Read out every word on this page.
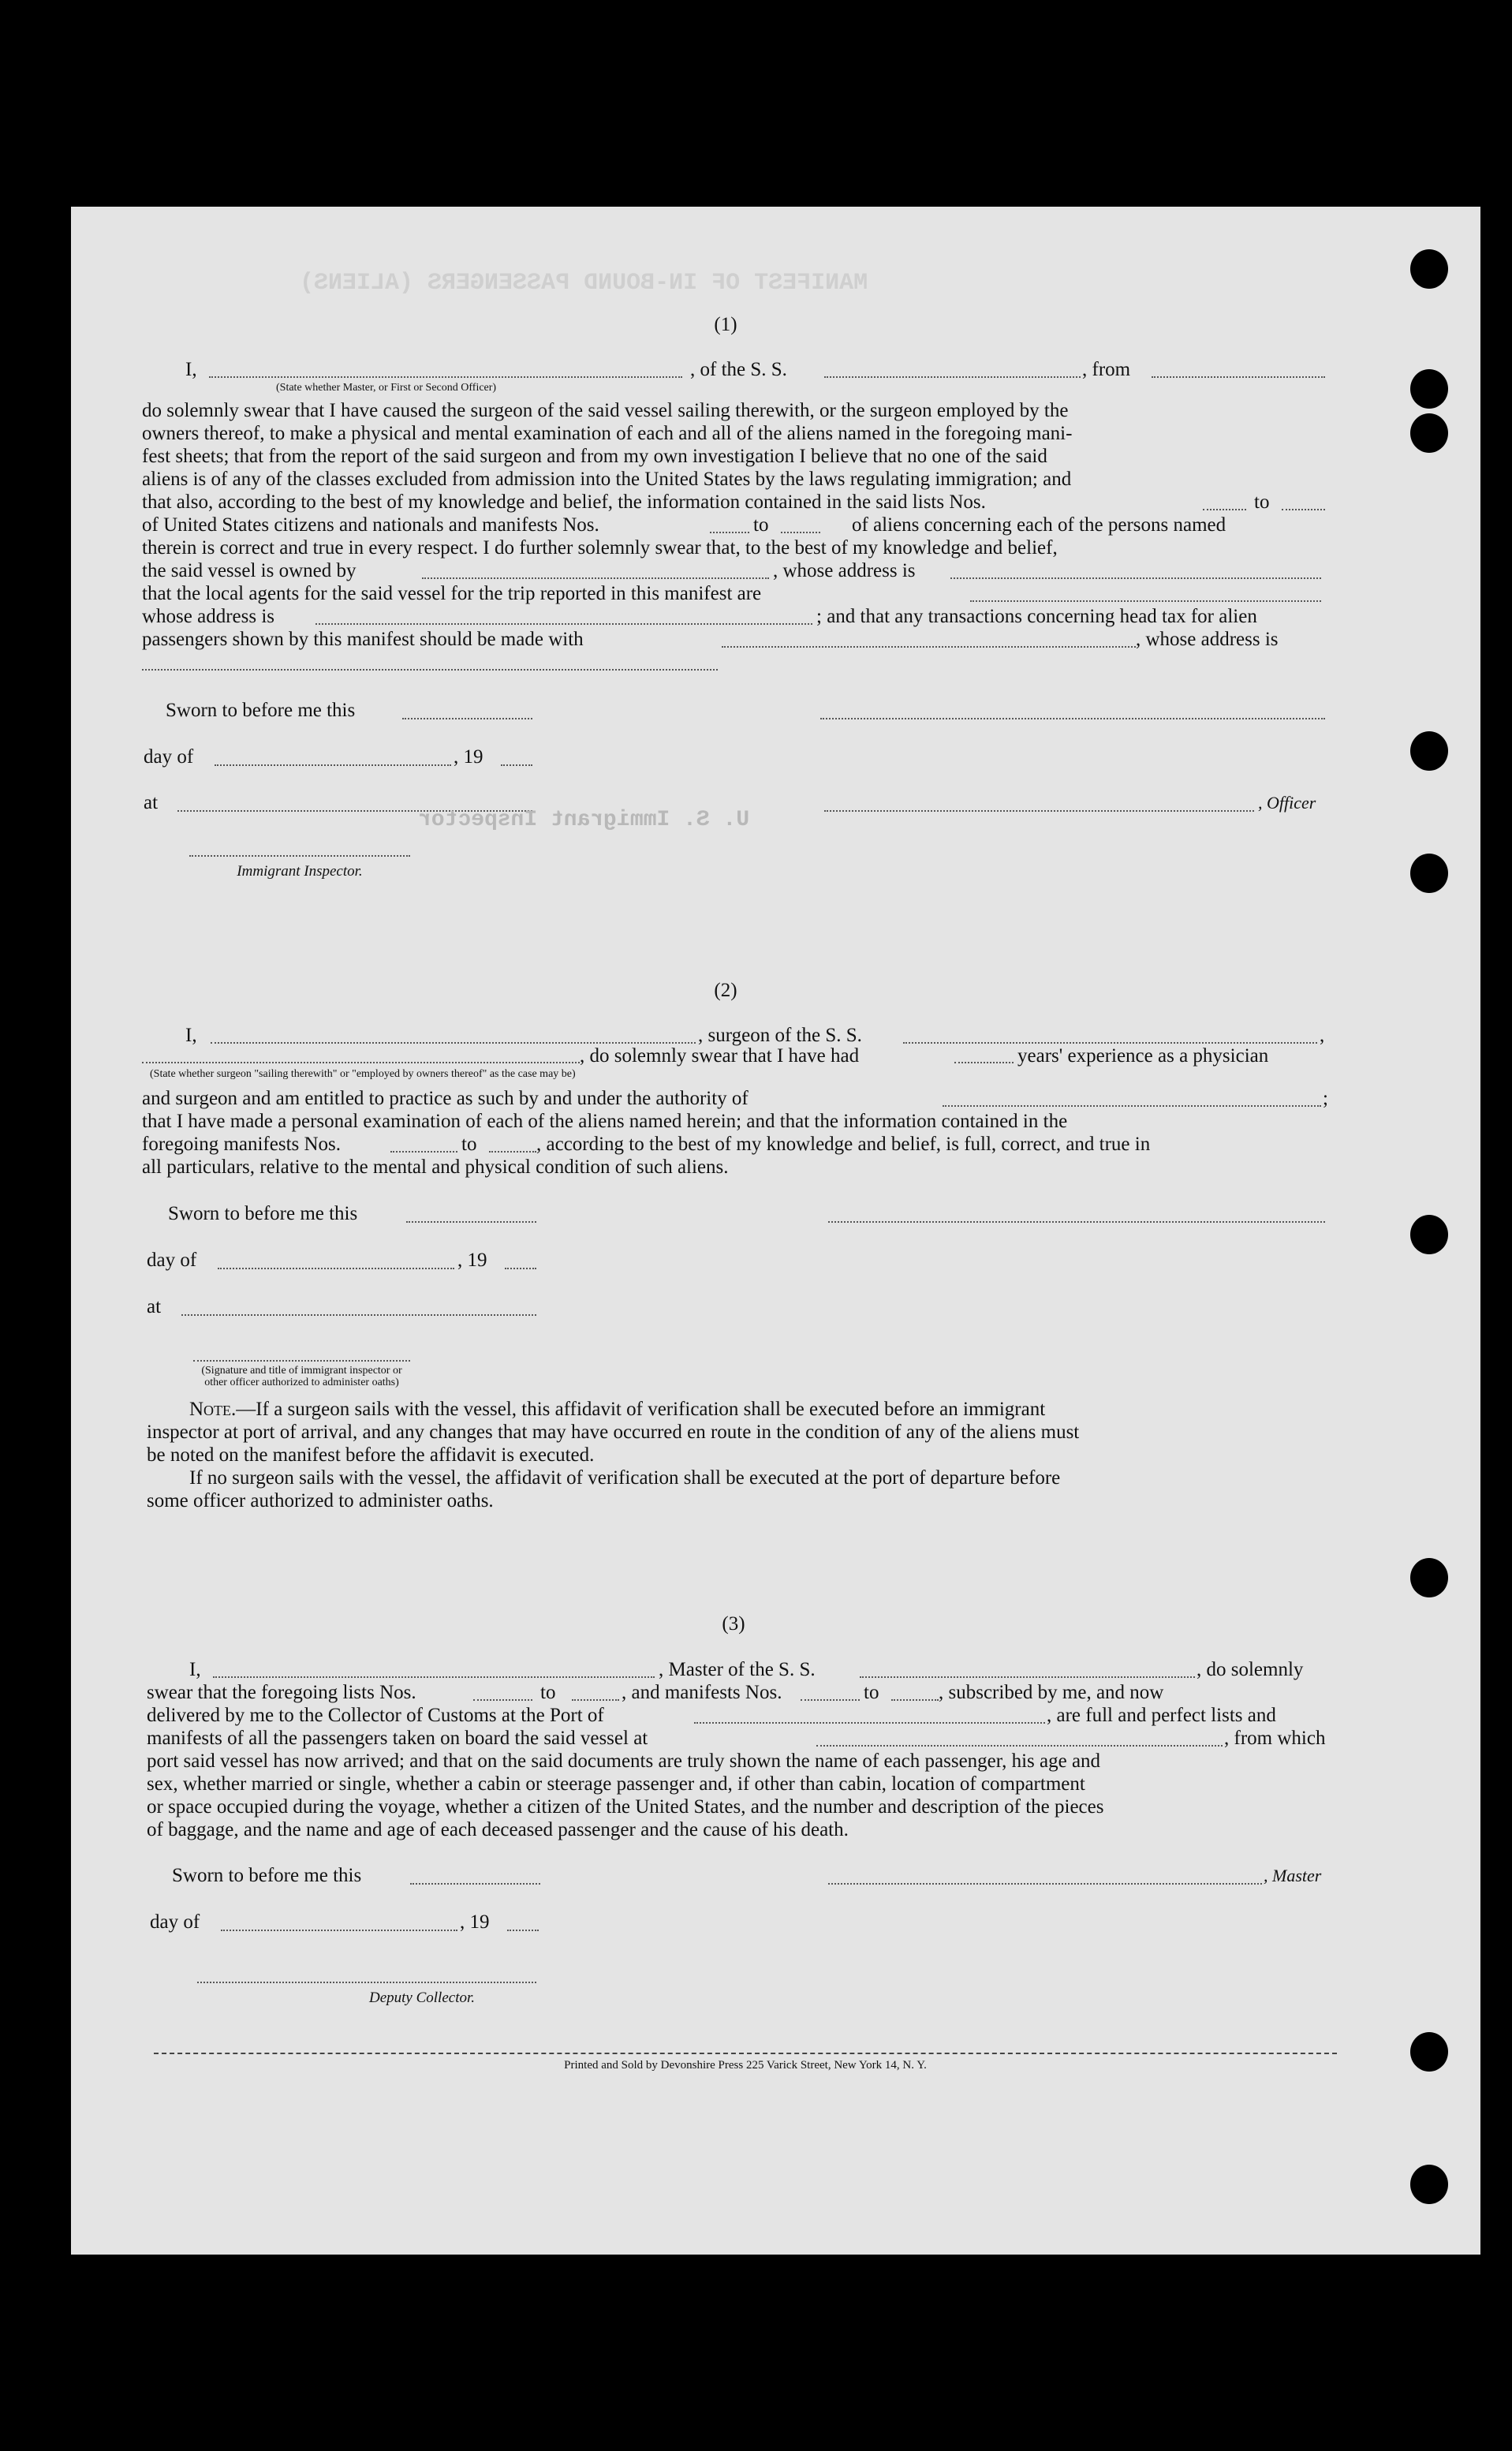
MANIFEST OF IN-BOUND PASSENGERS (ALIENS)
(1)
I,	, of the S. S.	, from
(State whether Master, or First or Second Officer)
do solemnly swear that I have caused the surgeon of the said vessel sailing therewith, or the surgeon employed by the
owners thereof, to make a physical and mental examination of each and all of the aliens named in the foregoing mani-
fest sheets; that from the report of the said surgeon and from my own investigation I believe that no one of the said
aliens is of any of the classes excluded from admission into the United States by the laws regulating immigration; and
that also, according to the best of my knowledge and belief, the information contained in the said lists Nos.	to
of United States citizens and nationals and manifests Nos.	to	of aliens concerning each of the persons named
therein is correct and true in every respect. I do further solemnly swear that, to the best of my knowledge and belief,
the said vessel is owned by	, whose address is
that the local agents for the said vessel for the trip reported in this manifest are
whose address is	; and that any transactions concerning head tax for alien
passengers shown by this manifest should be made with	, whose address is
Sworn to before me this
day of	, 19
at	, Officer
U. S. Immigrant Inspector
Immigrant Inspector.
(2)
I,	, surgeon of the S. S.	,
, do solemnly swear that I have had	years' experience as a physician
(State whether surgeon "sailing therewith" or "employed by owners thereof" as the case may be)
and surgeon and am entitled to practice as such by and under the authority of	;
that I have made a personal examination of each of the aliens named herein; and that the information contained in the
foregoing manifests Nos.	to	, according to the best of my knowledge and belief, is full, correct, and true in
all particulars, relative to the mental and physical condition of such aliens.
Sworn to before me this
day of	, 19
at
(Signature and title of immigrant inspector or
other officer authorized to administer oaths)
Note.—If a surgeon sails with the vessel, this affidavit of verification shall be executed before an immigrant
inspector at port of arrival, and any changes that may have occurred en route in the condition of any of the aliens must
be noted on the manifest before the affidavit is executed.
If no surgeon sails with the vessel, the affidavit of verification shall be executed at the port of departure before
some officer authorized to administer oaths.
(3)
I,	, Master of the S. S.	, do solemnly
swear that the foregoing lists Nos.	to	, and manifests Nos.	to	, subscribed by me, and now
delivered by me to the Collector of Customs at the Port of	, are full and perfect lists and
manifests of all the passengers taken on board the said vessel at	, from which
port said vessel has now arrived; and that on the said documents are truly shown the name of each passenger, his age and
sex, whether married or single, whether a cabin or steerage passenger and, if other than cabin, location of compartment
or space occupied during the voyage, whether a citizen of the United States, and the number and description of the pieces
of baggage, and the name and age of each deceased passenger and the cause of his death.
Sworn to before me this	, Master
day of	, 19
Deputy Collector.
Printed and Sold by Devonshire Press 225 Varick Street, New York 14, N. Y.
